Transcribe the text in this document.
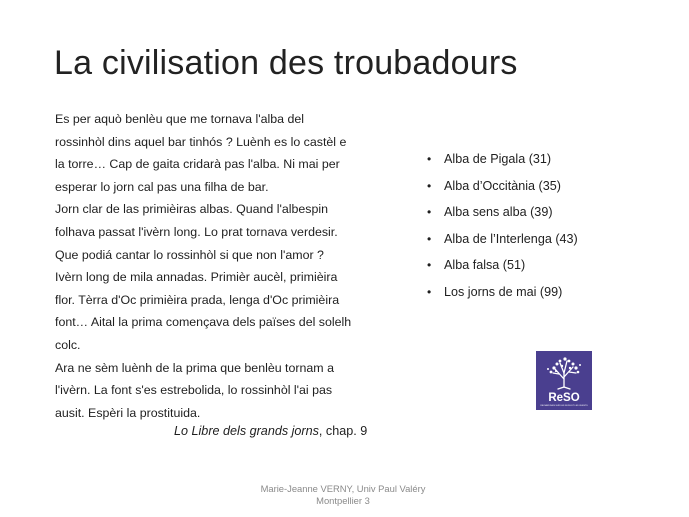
La civilisation des troubadours
Es per aquò benlèu que me tornava l'alba del
rossinhòl dins aquel bar tinhós ? Luènh es lo castèl e
la torre… Cap de gaita cridarà pas l'alba. Ni mai per
esperar lo jorn cal pas una filha de bar.
Jorn clar de las primièiras albas. Quand l'albespin
folhava passat l'ivèrn long. Lo prat tornava verdesir.
Que podiá cantar lo rossinhòl si que non l'amor ?
Ivèrn long de mila annadas. Primièr aucèl, primièira
flor. Tèrra d'Oc primièira prada, lenga d'Oc primièira
font… Aital la prima començava dels païses del solelh
colc.
Ara ne sèm luènh de la prima que benlèu tornam a
l'ivèrn. La font s'es estrebolida, lo rossinhòl l'ai pas
ausit. Espèri la prostituida.
Lo Libre dels grands jorns, chap. 9
• Alba de Pigala (31)
• Alba d’Occitània (35)
• Alba sens alba (39)
• Alba de l’Interlenga (43)
• Alba falsa (51)
• Los jorns de mai (99)
ReSO
RECHERCHES SUR LES SUDS ET LES OUESTS
Marie-Jeanne VERNY, Univ Paul Valéry
Montpellier 3
